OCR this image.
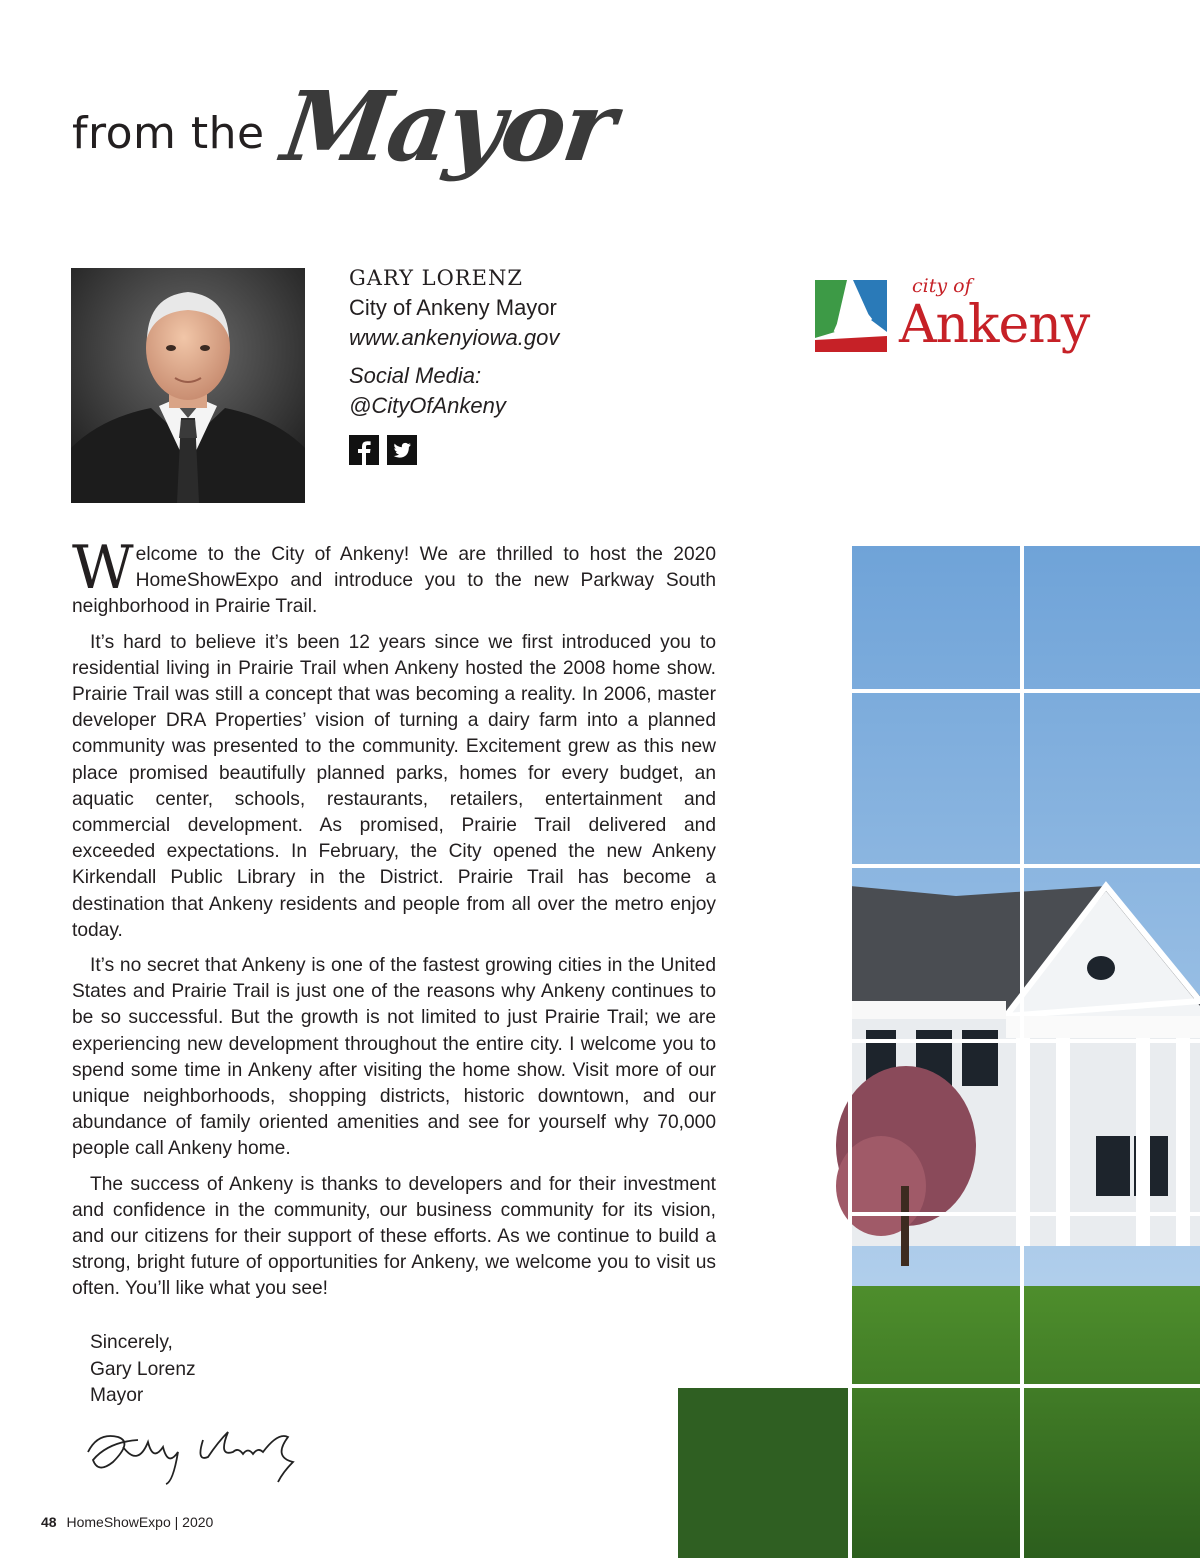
from the Mayor
GARY LORENZ
City of Ankeny Mayor
www.ankenyiowa.gov
Social Media:
@CityOfAnkeny
city of
Ankeny

Welcome to the City of Ankeny! We are thrilled to host the 2020 HomeShowExpo and introduce you to the new Parkway South neighborhood in Prairie Trail.

It’s hard to believe it’s been 12 years since we first introduced you to residential living in Prairie Trail when Ankeny hosted the 2008 home show. Prairie Trail was still a concept that was becoming a reality. In 2006, master developer DRA Properties’ vision of turning a dairy farm into a planned community was presented to the community. Excitement grew as this new place promised beautifully planned parks, homes for every budget, an aquatic center, schools, restaurants, retailers, entertainment and commercial development. As promised, Prairie Trail delivered and exceeded expectations. In February, the City opened the new Ankeny Kirkendall Public Library in the District. Prairie Trail has become a destination that Ankeny residents and people from all over the metro enjoy today.

It’s no secret that Ankeny is one of the fastest growing cities in the United States and Prairie Trail is just one of the reasons why Ankeny continues to be so successful. But the growth is not limited to just Prairie Trail; we are experiencing new development throughout the entire city. I welcome you to spend some time in Ankeny after visiting the home show. Visit more of our unique neighborhoods, shopping districts, historic downtown, and our abundance of family oriented amenities and see for yourself why 70,000 people call Ankeny home.

The success of Ankeny is thanks to developers and for their investment and confidence in the community, our business community for its vision, and our citizens for their support of these efforts. As we continue to build a strong, bright future of opportunities for Ankeny, we welcome you to visit us often. You’ll like what you see!

Sincerely,
Gary Lorenz
Mayor
48 HomeShowExpo | 2020
